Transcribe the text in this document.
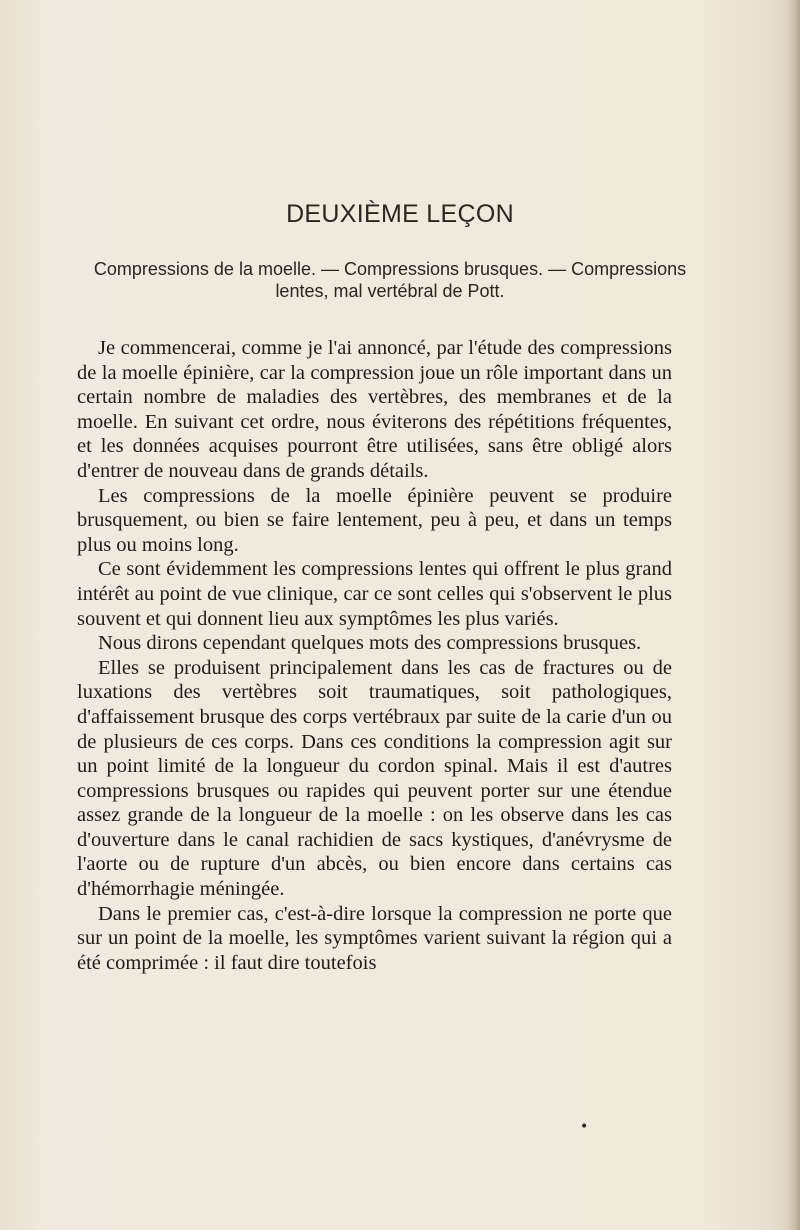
DEUXIÈME LEÇON

Compressions de la moelle. — Compressions brusques. — Compressions lentes, mal vertébral de Pott.

Je commencerai, comme je l'ai annoncé, par l'étude des compressions de la moelle épinière, car la compression joue un rôle important dans un certain nombre de maladies des vertèbres, des membranes et de la moelle. En suivant cet ordre, nous éviterons des répétitions fréquentes, et les données acquises pourront être utilisées, sans être obligé alors d'entrer de nouveau dans de grands détails.

Les compressions de la moelle épinière peuvent se produire brusquement, ou bien se faire lentement, peu à peu, et dans un temps plus ou moins long.

Ce sont évidemment les compressions lentes qui offrent le plus grand intérêt au point de vue clinique, car ce sont celles qui s'observent le plus souvent et qui donnent lieu aux symptômes les plus variés.

Nous dirons cependant quelques mots des compressions brusques.

Elles se produisent principalement dans les cas de fractures ou de luxations des vertèbres soit traumatiques, soit pathologiques, d'affaissement brusque des corps vertébraux par suite de la carie d'un ou de plusieurs de ces corps. Dans ces conditions la compression agit sur un point limité de la longueur du cordon spinal. Mais il est d'autres compressions brusques ou rapides qui peuvent porter sur une étendue assez grande de la longueur de la moelle : on les observe dans les cas d'ouverture dans le canal rachidien de sacs kystiques, d'anévrysme de l'aorte ou de rupture d'un abcès, ou bien encore dans certains cas d'hémorrhagie méningée.

Dans le premier cas, c'est-à-dire lorsque la compression ne porte que sur un point de la moelle, les symptômes varient suivant la région qui a été comprimée : il faut dire toutefois

•
